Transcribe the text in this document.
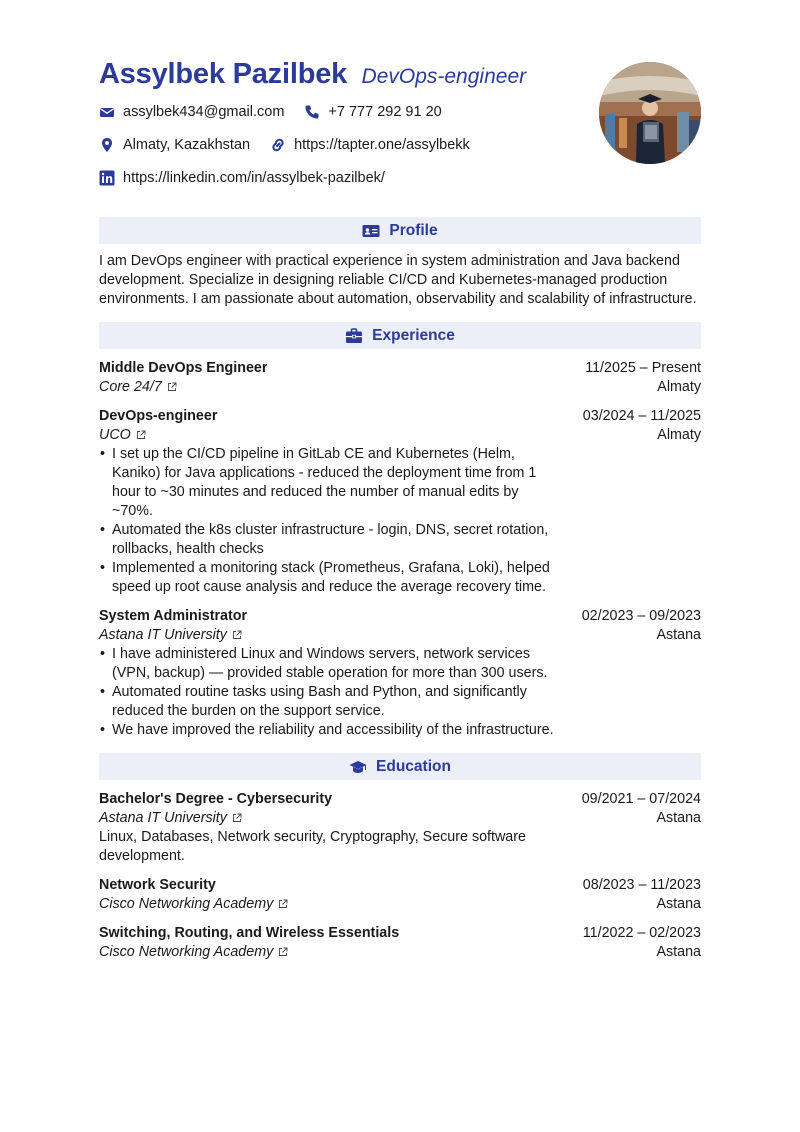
Assylbek Pazilbek DevOps-engineer
assylbek434@gmail.com	+7 777 292 91 20
Almaty, Kazakhstan	https://tapter.one/assylbekk
https://linkedin.com/in/assylbek-pazilbek/
Profile

I am DevOps engineer with practical experience in system administration and Java backend development. Specialize in designing reliable CI/CD and Kubernetes-managed production environments. I am passionate about automation, observability and scalability of infrastructure.

Experience
Middle DevOps Engineer
Core 24/7
11/2025 – Present
Almaty
DevOps-engineer
UCO
03/2024 – 11/2025
Almaty
• I set up the CI/CD pipeline in GitLab CE and Kubernetes (Helm, Kaniko) for Java applications - reduced the deployment time from 1 hour to ~30 minutes and reduced the number of manual edits by ~70%.
• Automated the k8s cluster infrastructure - login, DNS, secret rotation, rollbacks, health checks
• Implemented a monitoring stack (Prometheus, Grafana, Loki), helped speed up root cause analysis and reduce the average recovery time.
System Administrator
Astana IT University
02/2023 – 09/2023
Astana
• I have administered Linux and Windows servers, network services (VPN, backup) — provided stable operation for more than 300 users.
• Automated routine tasks using Bash and Python, and significantly reduced the burden on the support service.
• We have improved the reliability and accessibility of the infrastructure.
Education
Bachelor's Degree - Cybersecurity
Astana IT University
Linux, Databases, Network security, Cryptography, Secure software development.
09/2021 – 07/2024
Astana
Network Security
Cisco Networking Academy
08/2023 – 11/2023
Astana
Switching, Routing, and Wireless Essentials
Cisco Networking Academy
11/2022 – 02/2023
Astana
